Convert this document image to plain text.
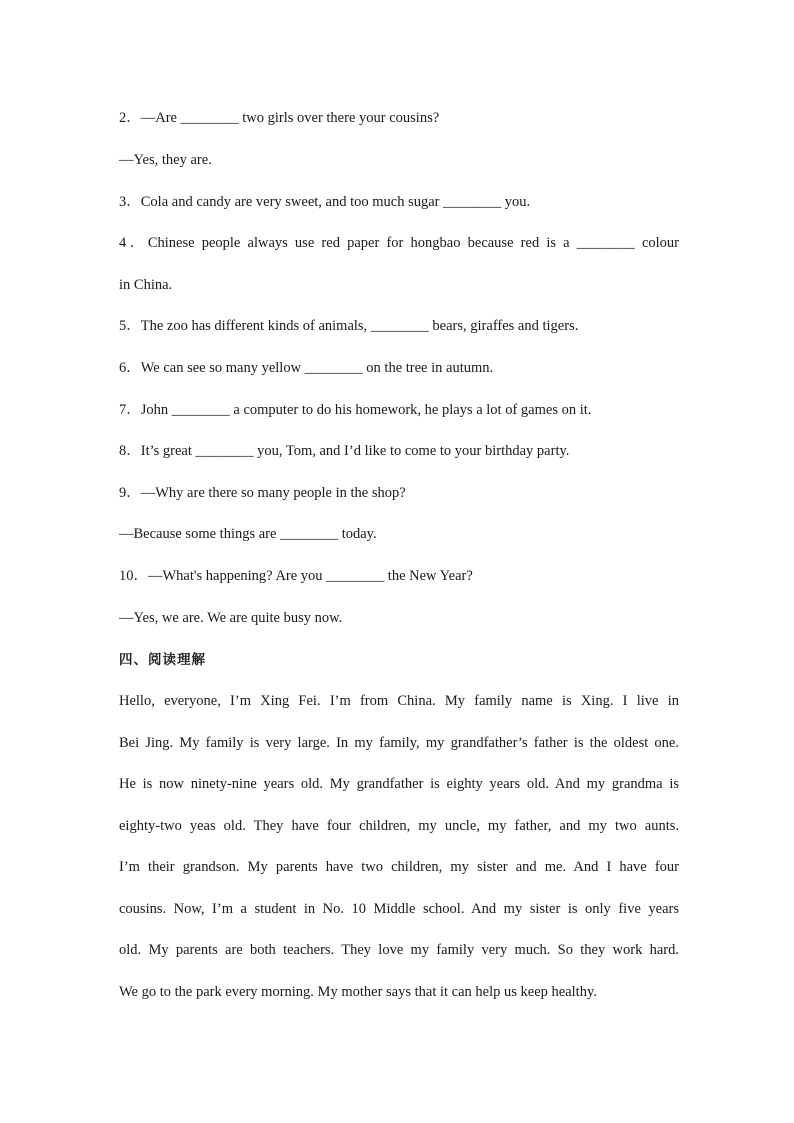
2．—Are ________ two girls over there your cousins?
—Yes, they are.
3．Cola and candy are very sweet, and too much sugar ________ you.
4．Chinese people always use red paper for hongbao because red is a ________ colour
in China.
5．The zoo has different kinds of animals, ________ bears, giraffes and tigers.
6．We can see so many yellow ________ on the tree in autumn.
7．John ________ a computer to do his homework, he plays a lot of games on it.
8．It’s great ________ you, Tom, and I’d like to come to your birthday party.
9．—Why are there so many people in the shop?
—Because some things are ________ today.
10．—What's happening? Are you ________ the New Year?
—Yes, we are. We are quite busy now.
四、阅读理解
Hello, everyone, I’m Xing Fei. I’m from China. My family name is Xing. I live in
Bei Jing. My family is very large. In my family, my grandfather’s father is the oldest one.
He is now ninety-nine years old. My grandfather is eighty years old. And my grandma is
eighty-two yeas old. They have four children, my uncle, my father, and my two aunts.
I’m their grandson. My parents have two children, my sister and me. And I have four
cousins. Now, I’m a student in No. 10 Middle school. And my sister is only five years
old. My parents are both teachers. They love my family very much. So they work hard.
We go to the park every morning. My mother says that it can help us keep healthy.
